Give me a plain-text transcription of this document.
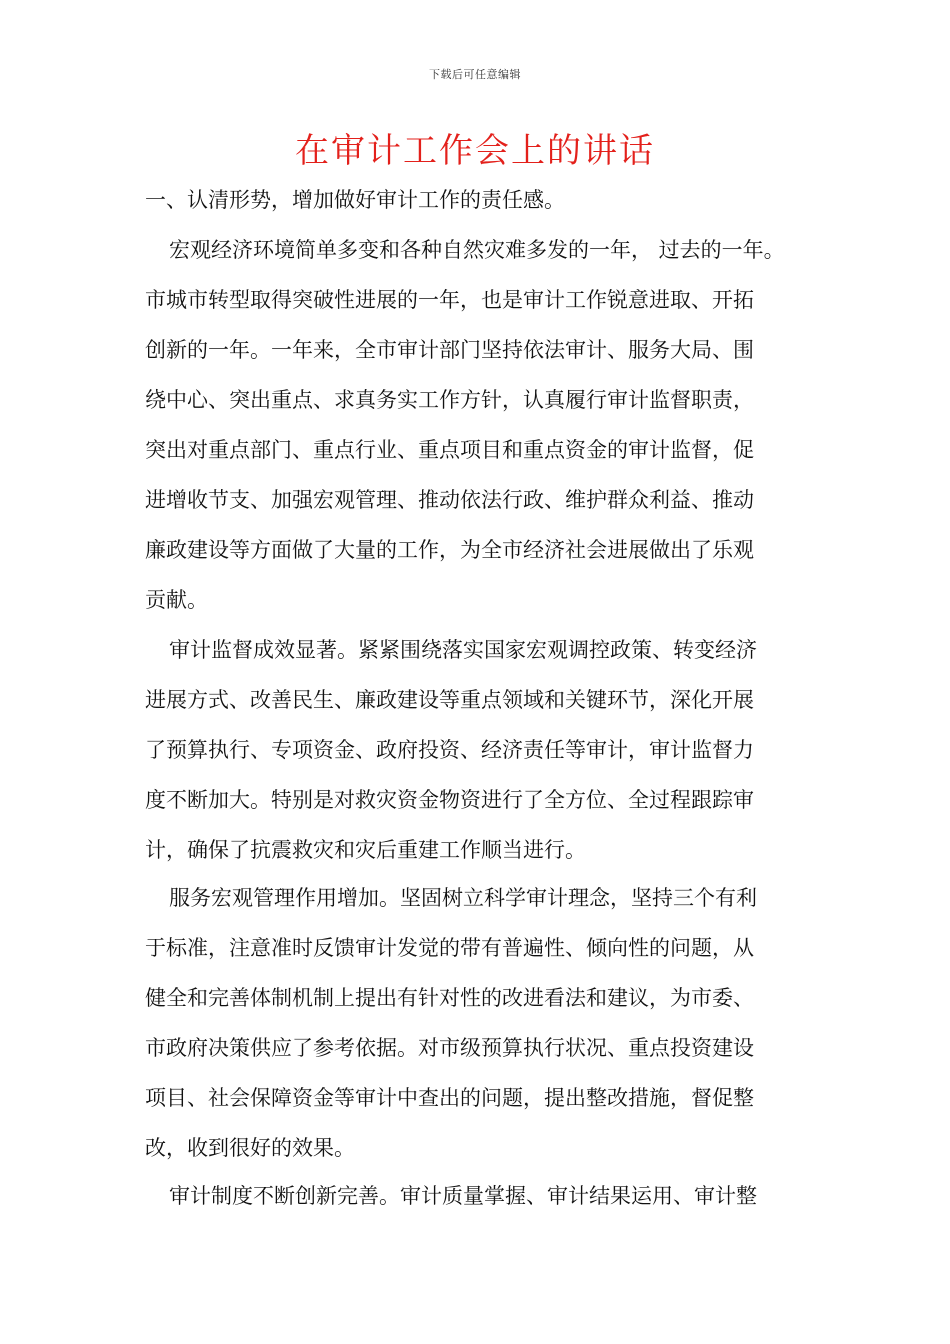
下载后可任意编辑
在审计工作会上的讲话
一、认清形势，增加做好审计工作的责任感。
宏观经济环境简单多变和各种自然灾难多发的一年， 过去的一年。
市城市转型取得突破性进展的一年，也是审计工作锐意进取、开拓
创新的一年。一年来，全市审计部门坚持依法审计、服务大局、围
绕中心、突出重点、求真务实工作方针，认真履行审计监督职责，
突出对重点部门、重点行业、重点项目和重点资金的审计监督，促
进增收节支、加强宏观管理、推动依法行政、维护群众利益、推动
廉政建设等方面做了大量的工作，为全市经济社会进展做出了乐观
贡献。
审计监督成效显著。紧紧围绕落实国家宏观调控政策、转变经济
进展方式、改善民生、廉政建设等重点领域和关键环节，深化开展
了预算执行、专项资金、政府投资、经济责任等审计，审计监督力
度不断加大。特别是对救灾资金物资进行了全方位、全过程跟踪审
计，确保了抗震救灾和灾后重建工作顺当进行。
服务宏观管理作用增加。坚固树立科学审计理念，坚持三个有利
于标准，注意准时反馈审计发觉的带有普遍性、倾向性的问题，从
健全和完善体制机制上提出有针对性的改进看法和建议，为市委、
市政府决策供应了参考依据。对市级预算执行状况、重点投资建设
项目、社会保障资金等审计中查出的问题，提出整改措施，督促整
改，收到很好的效果。
审计制度不断创新完善。审计质量掌握、审计结果运用、审计整
